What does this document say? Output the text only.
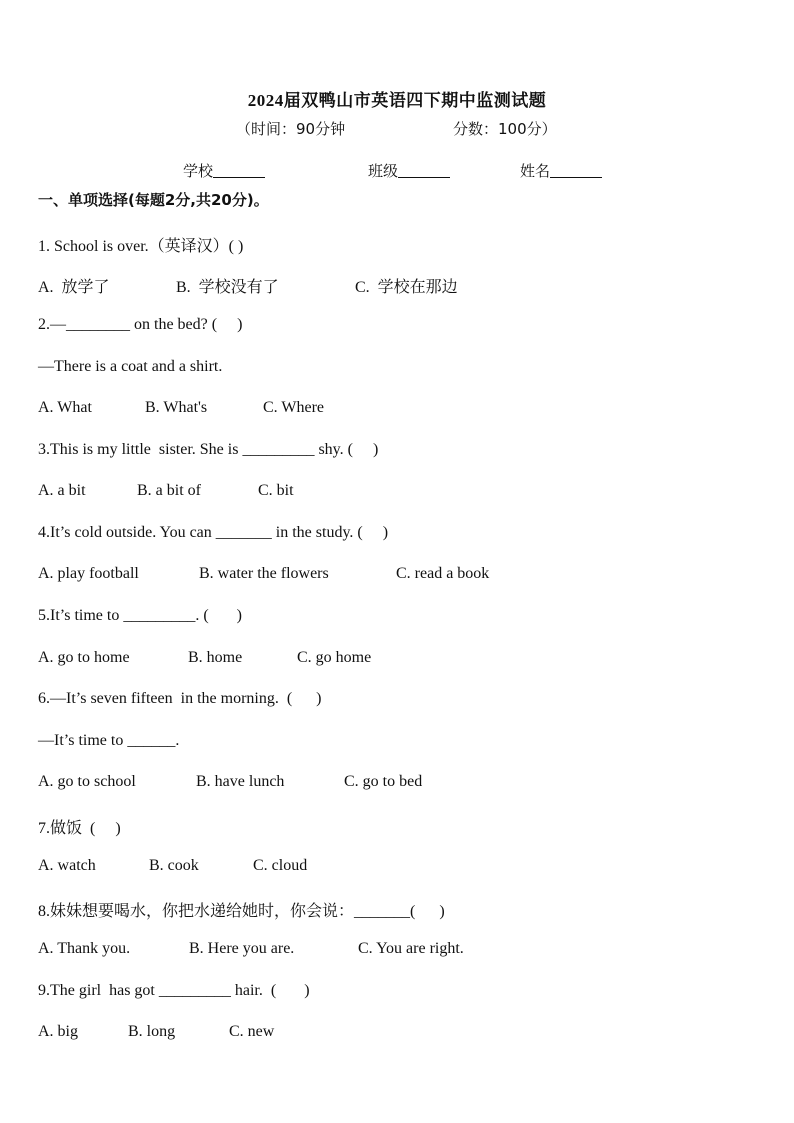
2024届双鸭山市英语四下期中监测试题
（时间：90分钟	分数：100分）
学校	班级	姓名
一、单项选择(每题2分,共20分)。
1. School is over.（英译汉）( )
A.  放学了	B.  学校没有了	C.  学校在那边
2.—________ on the bed? (     )
—There is a coat and a shirt.
A. What	B. What's	C. Where
3.This is my little  sister. She is _________ shy. (     )
A. a bit	B. a bit of	C. bit
4.It’s cold outside. You can _______ in the study. (     )
A. play football	B. water the flowers	C. read a book
5.It’s time to _________. (       )
A. go to home	B. home	C. go home
6.—It’s seven fifteen  in the morning.  (      )
—It’s time to ______.
A. go to school	B. have lunch	C. go to bed
7.做饭  (     )
A. watch	B. cook	C. cloud
8.妹妹想要喝水，你把水递给她时，你会说：_______(      )
A. Thank you.	B. Here you are.	C. You are right.
9.The girl  has got _________ hair.  (       )
A. big	B. long	C. new
